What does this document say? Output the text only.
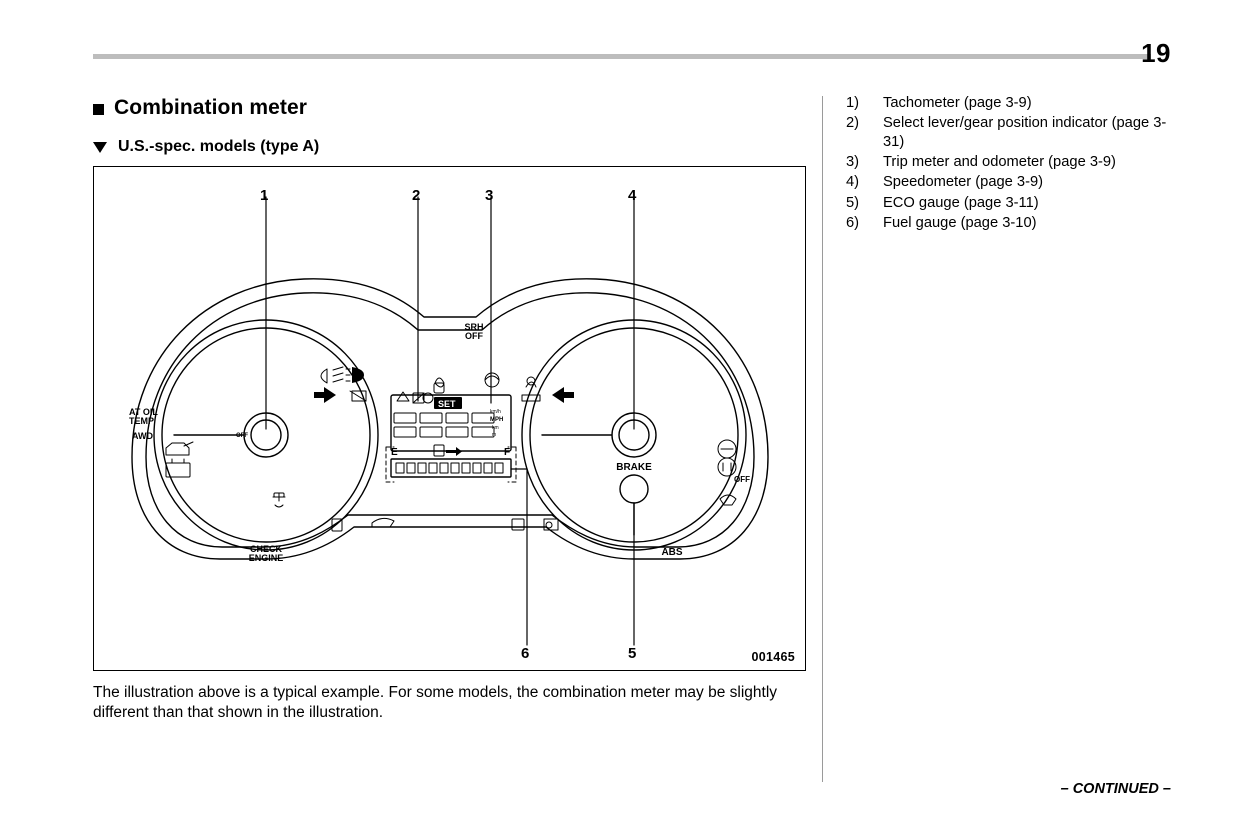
19
Combination meter
U.S.-spec. models (type A)
AT OIL
TEMP
AWD
CHECK
ENGINE
SRH
OFF
BRAKE
ABS
OFF
E	F
SET
km/h
MPH
km
m
OFF
1	2	3	4
5
6	001465

The illustration above is a typical example. For some models, the combination meter may be slightly different than that shown in the illustration.

1)	Tachometer (page 3-9)
2)	Select lever/gear position indicator (page 3-31)
3)	Trip meter and odometer (page 3-9)
4)	Speedometer (page 3-9)
5)	ECO gauge (page 3-11)
6)	Fuel gauge (page 3-10)
– CONTINUED –
